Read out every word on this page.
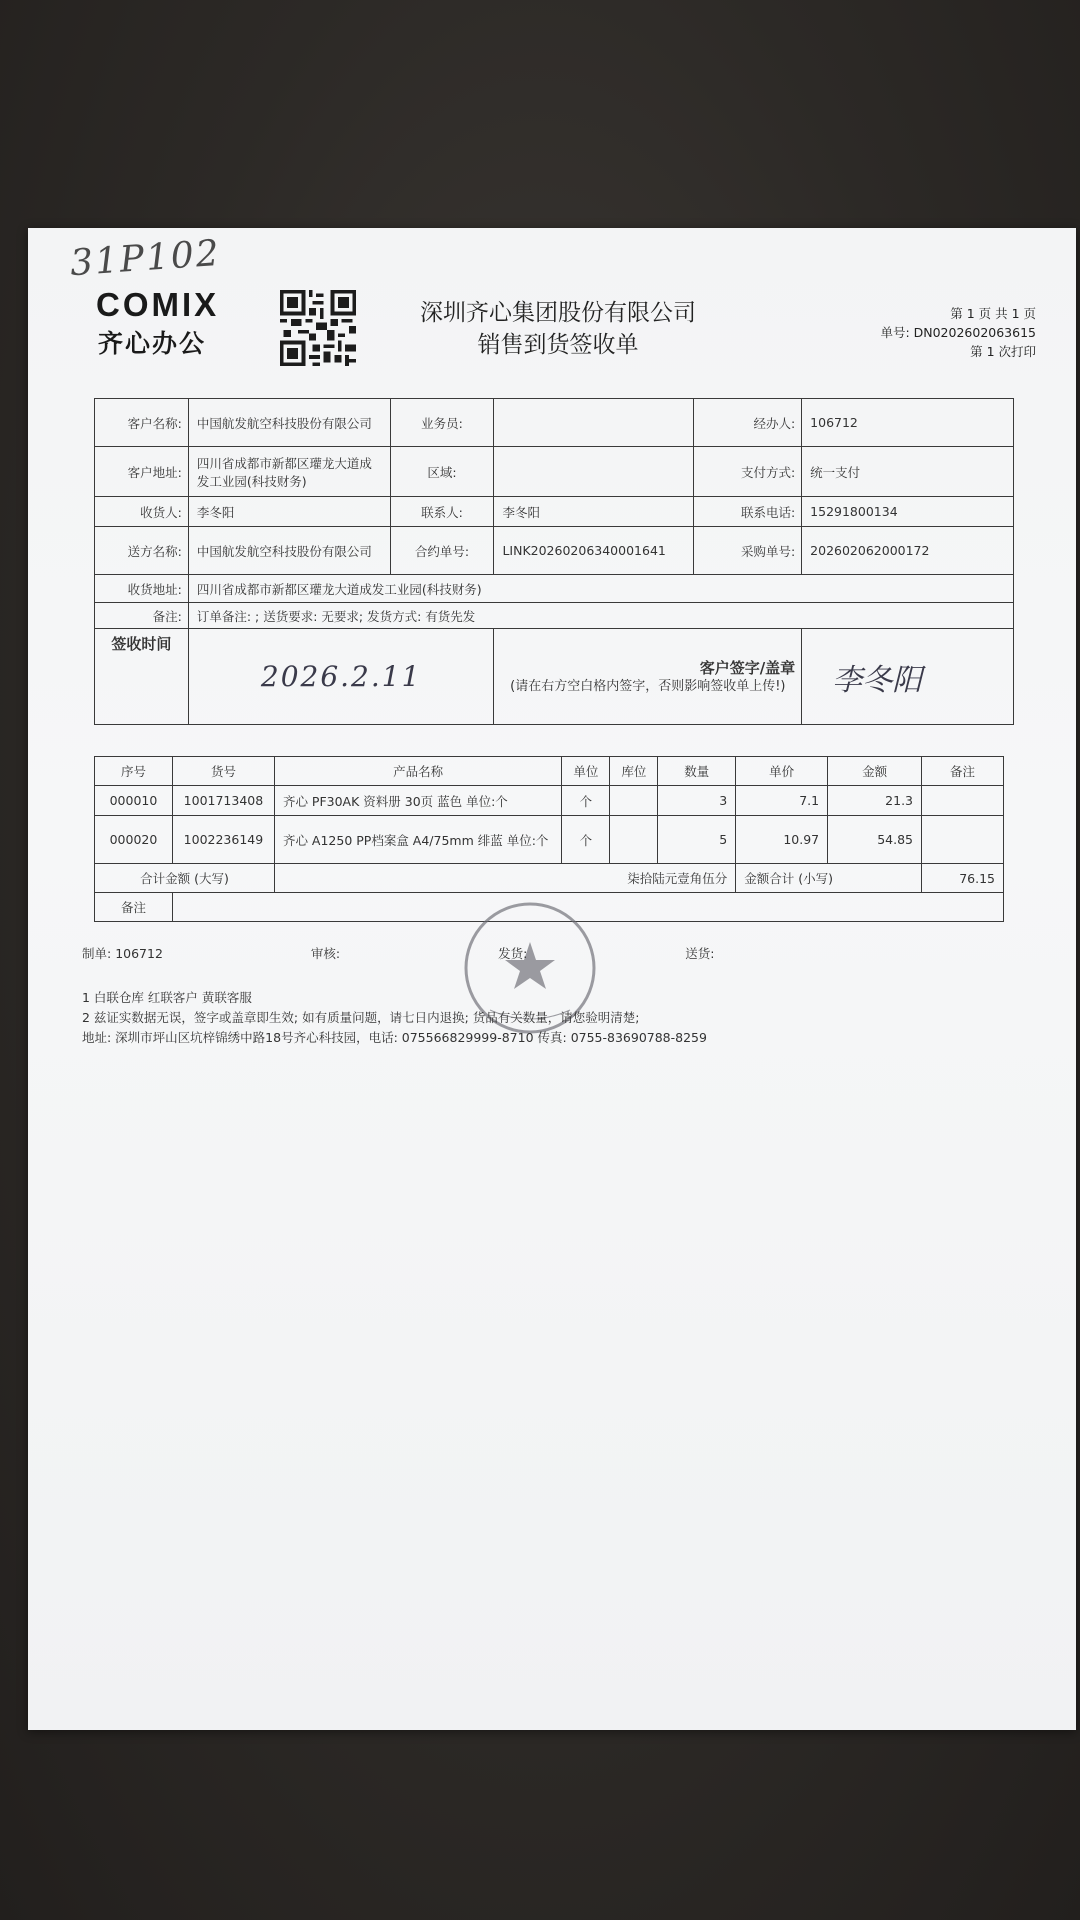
31P102
COMIX
齐心办公
深圳齐心集团股份有限公司
销售到货签收单
第 1 页 共 1 页
单号: DN0202602063615
第 1 次打印
客户名称:	中国航发航空科技股份有限公司	业务员:		经办人:	106712
客户地址:	四川省成都市新都区瓘龙大道成发工业园(科技财务)	区域:		支付方式:	统一支付
收货人:	李冬阳	联系人:	李冬阳	联系电话:	15291800134
送方名称:	中国航发航空科技股份有限公司	合约单号:	LINK20260206340001641	采购单号:	202602062000172
收货地址:	四川省成都市新都区瓘龙大道成发工业园(科技财务)				
备注:	订单备注: ; 送货要求: 无要求; 发货方式: 有货先发				
签收时间	2026.2.11		客户签字/盖章
(请在右方空白格内签字，否则影响签收单上传!)		李冬阳
序号	货号	产品名称	单位	库位	数量	单价	金额	备注
000010	1001713408	齐心 PF30AK 资料册 30页 蓝色 单位:个	个		3	7.1	21.3	
000020	1002236149	齐心 A1250 PP档案盒 A4/75mm 绯蓝 单位:个	个		5	10.97	54.85	
合计金额 (大写)		柒拾陆元壹角伍分				金额合计 (小写)		76.15
备注								
制单: 106712	审核:	发货:	送货:
1 白联仓库 红联客户 黄联客服
2 兹证实数据无误，签字或盖章即生效; 如有质量问题，请七日内退换; 货品有关数量，请您验明清楚;
地址: 深圳市坪山区坑梓锦绣中路18号齐心科技园，电话: 075566829999-8710 传真: 0755-83690788-8259
